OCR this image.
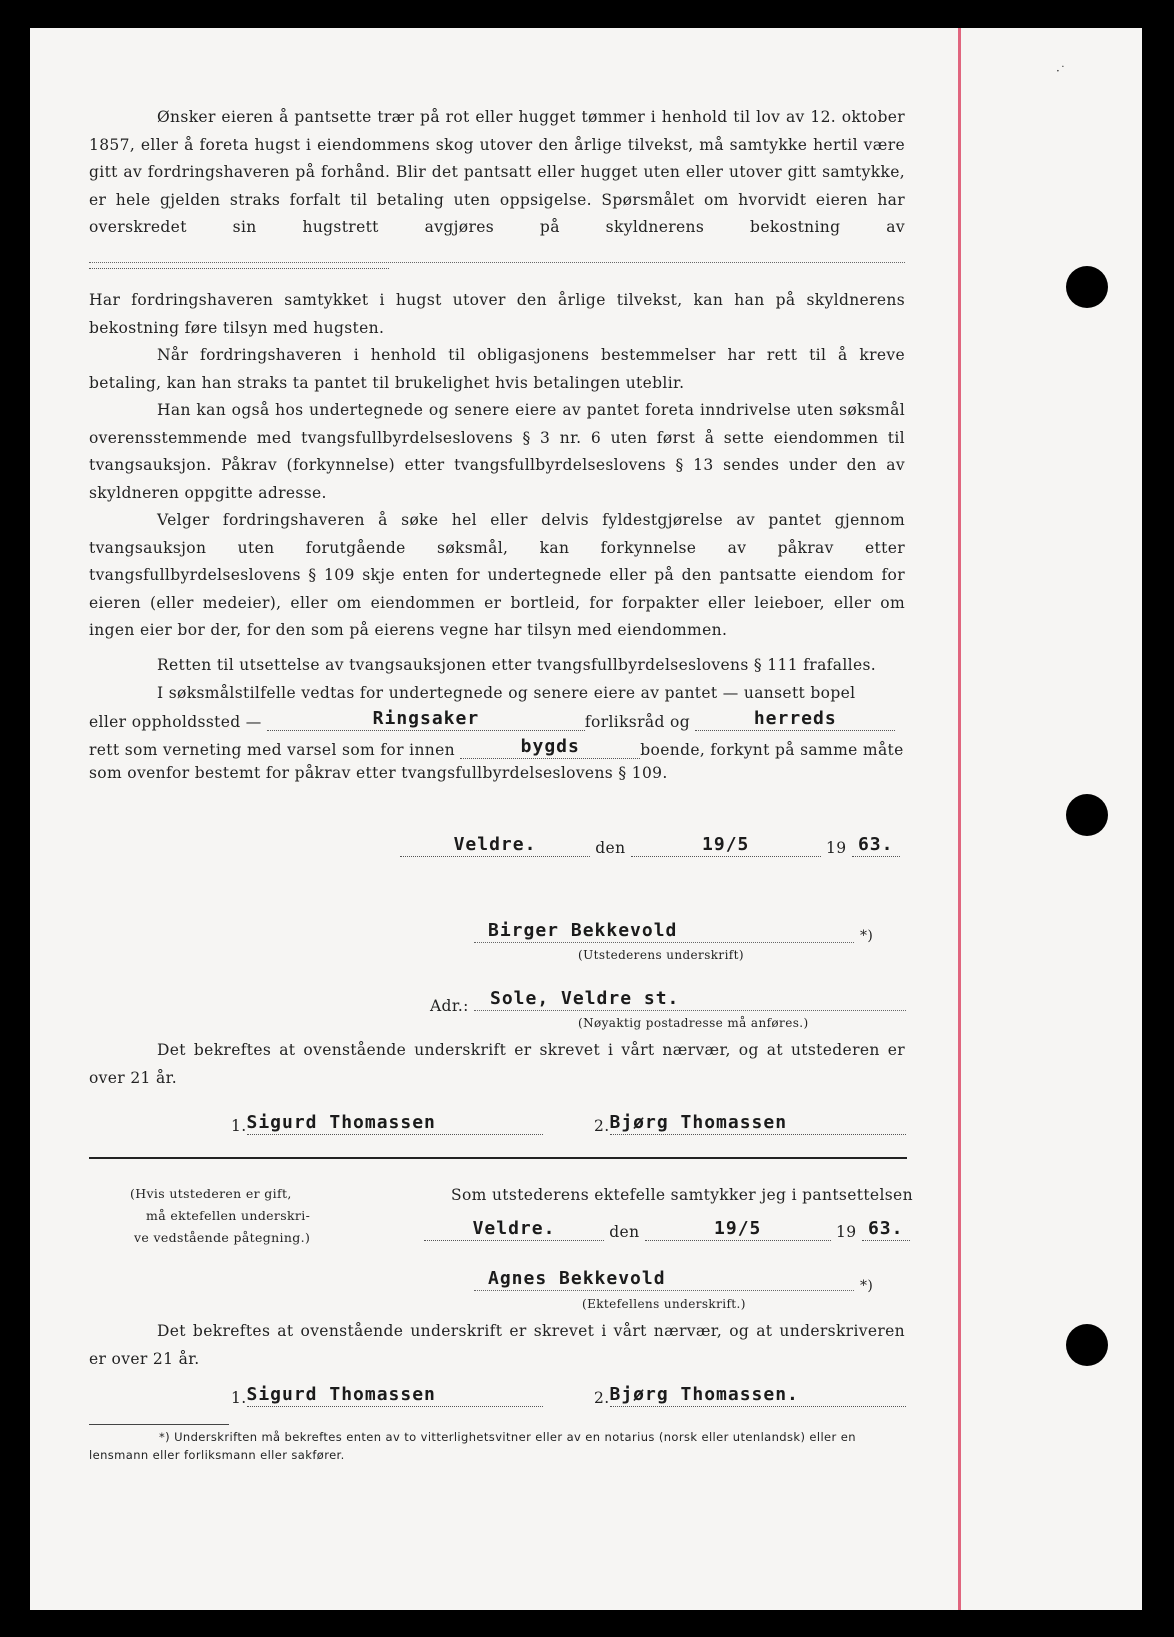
·˙

Ønsker eieren å pantsette trær på rot eller hugget tømmer i henhold til lov av 12. oktober 1857, eller å foreta hugst i eiendommens skog utover den årlige tilvekst, må samtykke hertil være gitt av fordringshaveren på forhånd. Blir det pantsatt eller hugget uten eller utover gitt samtykke, er hele gjelden straks forfalt til betaling uten oppsigelse. Spørsmålet om hvorvidt eieren har overskredet sin hugstrett avgjøres på skyldnerens bekostning av

Har fordringshaveren samtykket i hugst utover den årlige tilvekst, kan han på skyldnerens bekostning føre tilsyn med hugsten.

Når fordringshaveren i henhold til obligasjonens bestemmelser har rett til å kreve betaling, kan han straks ta pantet til brukelighet hvis betalingen uteblir.

Han kan også hos undertegnede og senere eiere av pantet foreta inndrivelse uten søksmål overensstemmende med tvangsfullbyrdelseslovens § 3 nr. 6 uten først å sette eiendommen til tvangsauksjon. Påkrav (forkynnelse) etter tvangsfullbyrdelseslovens § 13 sendes under den av skyldneren oppgitte adresse.

Velger fordringshaveren å søke hel eller delvis fyldestgjørelse av pantet gjennom tvangsauksjon uten forutgående søksmål, kan forkynnelse av påkrav etter tvangsfullbyrdelseslovens § 109 skje enten for undertegnede eller på den pantsatte eiendom for eieren (eller medeier), eller om eiendommen er bortleid, for forpakter eller leieboer, eller om ingen eier bor der, for den som på eierens vegne har tilsyn med eiendommen.

Retten til utsettelse av tvangsauksjonen etter tvangsfullbyrdelseslovens § 111 frafalles.

I søksmålstilfelle vedtas for undertegnede og senere eiere av pantet — uansett bopel

eller oppholdssted —	Ringsaker	forliksråd og	herreds
rett som verneting med varsel som for innen	bygds	boende, forkynt på samme måte
som ovenfor bestemt for påkrav etter tvangsfullbyrdelseslovens § 109.
Veldre.	den	19/5	19 63.
Birger Bekkevold	*)
(Utstederens underskrift)
Adr.: Sole, Veldre st.
(Nøyaktig postadresse må anføres.)

Det bekreftes at ovenstående underskrift er skrevet i vårt nærvær, og at utstederen er over 21 år.

1.Sigurd Thomassen	2.Bjørg Thomassen
(Hvis utstederen er gift,
må ektefellen underskri-
ve vedstående påtegning.)
Som utstederens ektefelle samtykker jeg i pantsettelsen
Veldre.	den	19/5	19 63.
Agnes Bekkevold	*)
(Ektefellens underskrift.)

Det bekreftes at ovenstående underskrift er skrevet i vårt nærvær, og at underskriveren er over 21 år.

1.Sigurd Thomassen	2.Bjørg Thomassen.

*) Underskriften må bekreftes enten av to vitterlighetsvitner eller av en notarius (norsk eller utenlandsk) eller en lensmann eller forliksmann eller sakfører.
